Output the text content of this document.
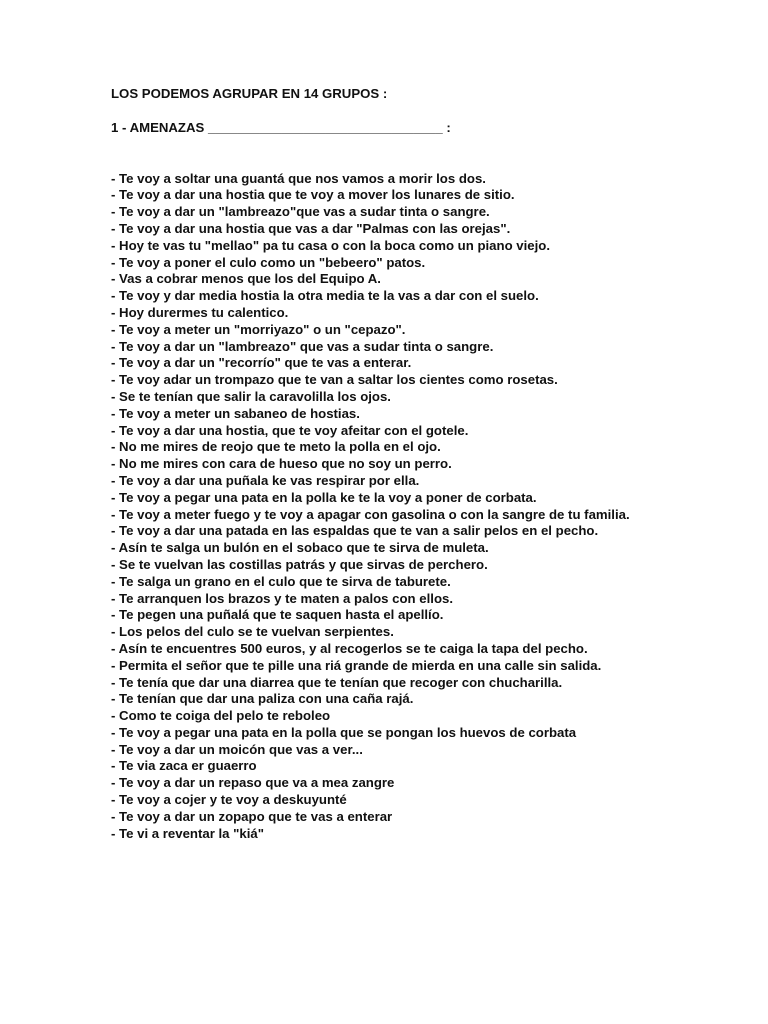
LOS PODEMOS AGRUPAR EN 14 GRUPOS :
1 - AMENAZAS ________________________________ :
- Te voy a soltar una guantá que nos vamos a morir los dos.
- Te voy a dar una hostia que te voy a mover los lunares de sitio.
- Te voy a dar un "lambreazo"que vas a sudar tinta o sangre.
- Te voy a dar una hostia que vas a dar "Palmas con las orejas".
- Hoy te vas tu "mellao" pa tu casa o con la boca como un piano viejo.
- Te voy a poner el culo como un "bebeero" patos.
- Vas a cobrar menos que los del Equipo A.
- Te voy y dar media hostia la otra media te la vas a dar con el suelo.
- Hoy durermes tu calentico.
- Te voy a meter un "morriyazo" o un "cepazo".
- Te voy a dar un "lambreazo" que vas a sudar tinta o sangre.
- Te voy a dar un "recorrío" que te vas a enterar.
- Te voy adar un trompazo que te van a saltar los cientes como rosetas.
- Se te tenían que salir la caravolilla los ojos.
- Te voy a meter un sabaneo de hostias.
- Te voy a dar una hostia, que te voy afeitar con el gotele.
- No me mires de reojo que te meto la polla en el ojo.
- No me mires con cara de hueso que no soy un perro.
- Te voy a dar una puñala ke vas respirar por ella.
- Te voy a pegar una pata en la polla ke te la voy a poner de corbata.
- Te voy a meter fuego y te voy a apagar con gasolina o con la sangre de tu familia.
- Te voy a dar una patada en las espaldas que te van a salir pelos en el pecho.
- Asín te salga un bulón en el sobaco que te sirva de muleta.
- Se te vuelvan las costillas patrás y que sirvas de perchero.
- Te salga un grano en el culo que te sirva de taburete.
- Te arranquen los brazos y te maten a palos con ellos.
- Te pegen una puñalá que te saquen hasta el apellío.
- Los pelos del culo se te vuelvan serpientes.
- Asín te encuentres 500 euros, y al recogerlos se te caiga la tapa del pecho.
- Permita el señor que te pille una riá grande de mierda en una calle sin salida.
- Te tenía que dar una diarrea que te tenían que recoger con chucharilla.
- Te tenían que dar una paliza con una caña rajá.
- Como te coiga del pelo te reboleo
- Te voy a pegar una pata en la polla que se pongan los huevos de corbata
- Te voy a dar un moicón que vas a ver...
- Te via zaca er guaerro
- Te voy a dar un repaso que va a mea zangre
- Te voy a cojer y te voy a deskuyunté
- Te voy a dar un zopapo que te vas a enterar
- Te vi a reventar la "kiá"
